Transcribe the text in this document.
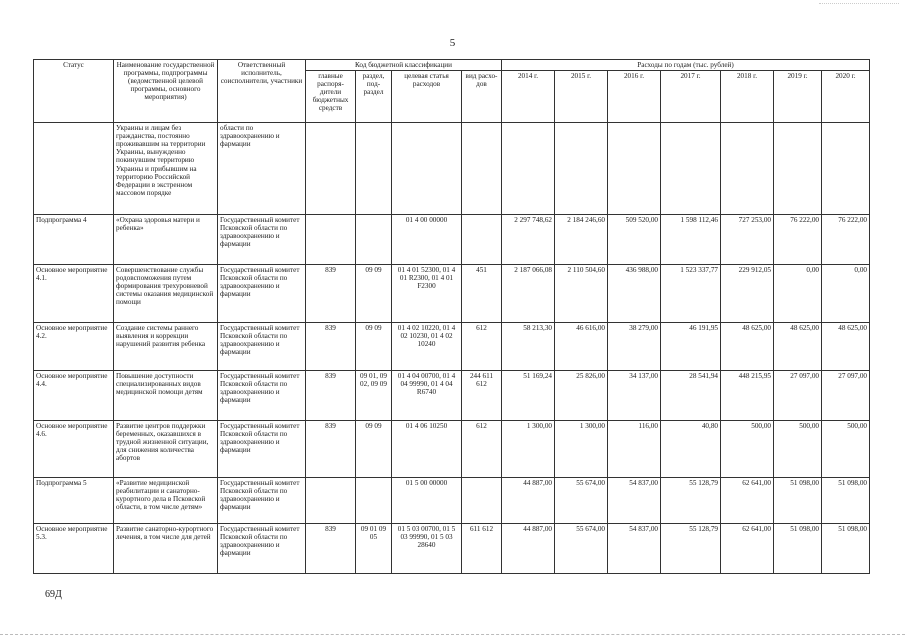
5
Статус	Наименование государственной программы, подпрограммы (ведомственной целевой программы, основного мероприятия)	Ответственный исполнитель, соисполнители, участники	Код бюджетной классификации				Расходы по годам (тыс. рублей)						
			главные распоря-дители бюджетных средств	раздел, под-раздел	целевая статья расходов	вид расхо-дов	2014 г.	2015 г.	2016 г.	2017 г.	2018 г.	2019 г.	2020 г.
	Украины и лицам без гражданства, постоянно проживавшим на территории Украины, вынужденно покинувшим территорию Украины и прибывшим на территорию Российской Федерации в экстренном массовом порядке	области по здравоохранению и фармации											
Подпрограмма 4	«Охрана здоровья матери и ребенка»	Государственный комитет Псковской области по здравоохранению и фармации			01 4 00 00000		2 297 748,62	2 184 246,60	509 520,00	1 598 112,46	727 253,00	76 222,00	76 222,00
Основное мероприятие 4.1.	Совершенствование службы родовспоможения путем формирования трехуровневой системы оказания медицинской помощи	Государственный комитет Псковской области по здравоохранению и фармации	839	09 09	01 4 01 52300, 01 4 01 R2300, 01 4 01 F2300	451	2 187 066,08	2 110 504,60	436 988,00	1 523 337,77	229 912,05	0,00	0,00
Основное мероприятие 4.2.	Создание системы раннего выявления и коррекции нарушений развития ребенка	Государственный комитет Псковской области по здравоохранению и фармации	839	09 09	01 4 02 10220, 01 4 02 10230, 01 4 02 10240	612	58 213,30	46 616,00	38 279,00	46 191,95	48 625,00	48 625,00	48 625,00
Основное мероприятие 4.4.	Повышение доступности специализированных видов медицинской помощи детям	Государственный комитет Псковской области по здравоохранению и фармации	839	09 01, 09 02, 09 09	01 4 04 00700, 01 4 04 99990, 01 4 04 R6740	244 611 612	51 169,24	25 826,00	34 137,00	28 541,94	448 215,95	27 097,00	27 097,00
Основное мероприятие 4.6.	Развитие центров поддержки беременных, оказавшихся в трудной жизненной ситуации, для снижения количества абортов	Государственный комитет Псковской области по здравоохранению и фармации	839	09 09	01 4 06 10250	612	1 300,00	1 300,00	116,00	40,80	500,00	500,00	500,00
Подпрограмма 5	«Развитие медицинской реабилитации и санаторно-курортного дела в Псковской области, в том числе детям»	Государственный комитет Псковской области по здравоохранению и фармации			01 5 00 00000		44 887,00	55 674,00	54 837,00	55 128,79	62 641,00	51 098,00	51 098,00
Основное мероприятие 5.3.	Развитие санаторно-курортного лечения, в том числе для детей	Государственный комитет Псковской области по здравоохранению и фармации	839	09 01 09 05	01 5 03 00700, 01 5 03 99990, 01 5 03 28640	611 612	44 887,00	55 674,00	54 837,00	55 128,79	62 641,00	51 098,00	51 098,00
69Д
